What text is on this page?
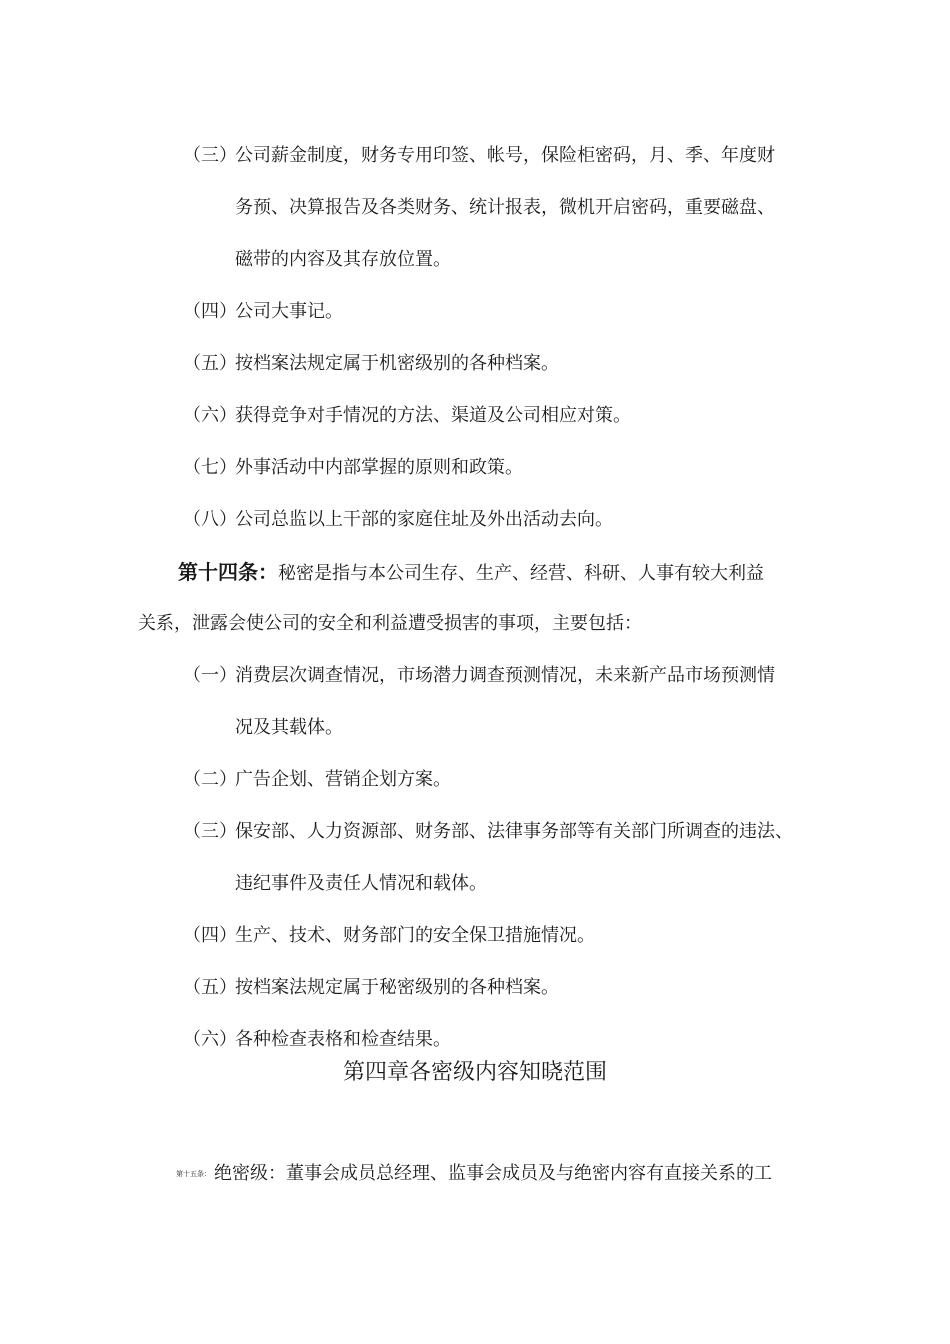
（三）公司薪金制度，财务专用印签、帐号，保险柜密码，月、季、年度财
务预、决算报告及各类财务、统计报表，微机开启密码，重要磁盘、
磁带的内容及其存放位置。
（四）公司大事记。
（五）按档案法规定属于机密级别的各种档案。
（六）获得竞争对手情况的方法、渠道及公司相应对策。
（七）外事活动中内部掌握的原则和政策。
（八）公司总监以上干部的家庭住址及外出活动去向。
第十四条：秘密是指与本公司生存、生产、经营、科研、人事有较大利益
关系，泄露会使公司的安全和利益遭受损害的事项，主要包括：
（一）消费层次调查情况，市场潜力调查预测情况，未来新产品市场预测情
况及其载体。
（二）广告企划、营销企划方案。
（三）保安部、人力资源部、财务部、法律事务部等有关部门所调查的违法、
违纪事件及责任人情况和载体。
（四）生产、技术、财务部门的安全保卫措施情况。
（五）按档案法规定属于秘密级别的各种档案。
（六）各种检查表格和检查结果。
第四章各密级内容知晓范围
第十五条： 绝密级：董事会成员总经理、监事会成员及与绝密内容有直接关系的工
